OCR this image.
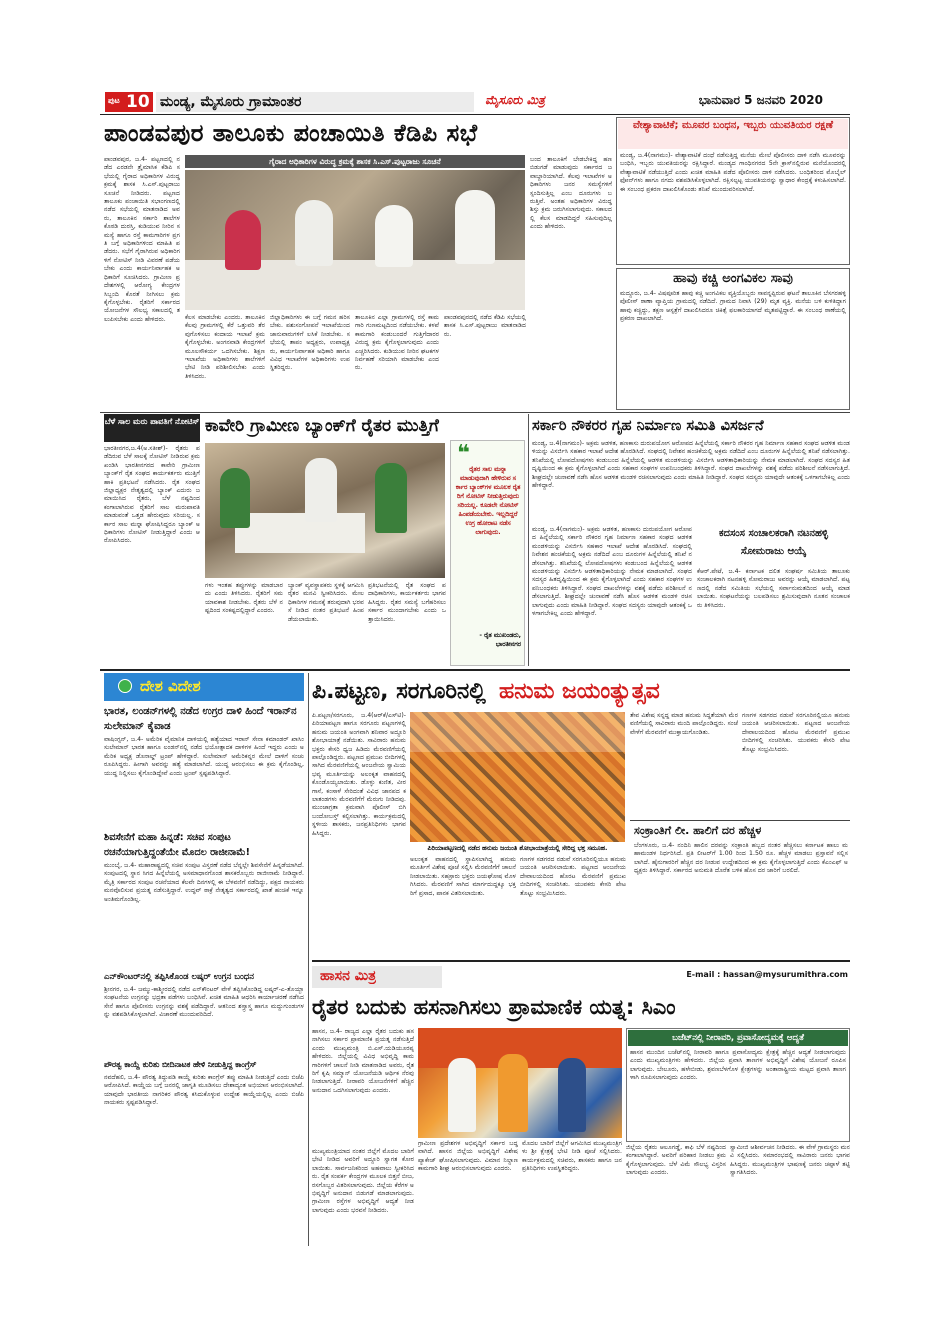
ಪುಟ 10 ಮಂಡ್ಯ, ಮೈಸೂರು ಗ್ರಾಮಾಂತರ	ಮೈಸೂರು ಮಿತ್ರ	ಭಾನುವಾರ 5 ಜನವರಿ 2020
ಪಾಂಡವಪುರ ತಾಲೂಕು ಪಂಚಾಯಿತಿ ಕೆಡಿಪಿ ಸಭೆ
ಗೈರಾದ ಅಧಿಕಾರಿಗಳ ವಿರುದ್ಧ ಕ್ರಮಕ್ಕೆ ಶಾಸಕ ಸಿ.ಎಸ್.ಪುಟ್ಟರಾಜು ಸೂಚನೆ
ಪಾಂಡವಪುರ, ಜ.4- ಪಟ್ಟಣದಲ್ಲಿ ನಡೆದ ಎರಡನೇ ತ್ರೈಮಾಸಿಕ ಕೆಡಿಪಿ ಸಭೆಯಲ್ಲಿ ಗೈರಾದ ಅಧಿಕಾರಿಗಳ ವಿರುದ್ಧ ಕ್ರಮಕ್ಕೆ ಶಾಸಕ ಸಿ.ಎಸ್.ಪುಟ್ಟರಾಜು ಸೂಚನೆ ನೀಡಿದರು. ಪಟ್ಟಣದ ತಾಲೂಕು ಪಂಚಾಯಿತಿ ಸಭಾಂಗಣದಲ್ಲಿ ನಡೆದ ಸಭೆಯಲ್ಲಿ ಮಾತನಾಡಿದ ಅವರು, ತಾಲೂಕಿನ ಸರ್ಕಾರಿ ಶಾಲೆಗಳ ಕೊಠಡಿ ದುರಸ್ತಿ, ಕುಡಿಯುವ ನೀರಿನ ಸಮಸ್ಯೆ ಹಾಗೂ ರಸ್ತೆ ಕಾಮಗಾರಿಗಳ ಪ್ರಗತಿ ಬಗ್ಗೆ ಅಧಿಕಾರಿಗಳಿಂದ ಮಾಹಿತಿ ಪಡೆದರು. ಸಭೆಗೆ ಗೈರಾಗಿರುವ ಅಧಿಕಾರಿಗಳಿಗೆ ನೋಟಿಸ್ ನೀಡಿ ವಿವರಣೆ ಪಡೆಯಬೇಕು ಎಂದು ಕಾರ್ಯನಿರ್ವಾಹಕ ಅಧಿಕಾರಿಗೆ ಸೂಚಿಸಿದರು. ಗ್ರಾಮೀಣ ಪ್ರದೇಶಗಳಲ್ಲಿ ಆರೋಗ್ಯ ಕೇಂದ್ರಗಳ ಸಿಬ್ಬಂದಿ ಕೊರತೆ ನೀಗಿಸಲು ಕ್ರಮ ಕೈಗೊಳ್ಳಬೇಕು. ರೈತರಿಗೆ ಸರ್ಕಾರದ ಯೋಜನೆಗಳ ಸೌಲಭ್ಯ ಸಕಾಲದಲ್ಲಿ ತಲುಪಿಸಬೇಕು ಎಂದು ಹೇಳಿದರು.	ಕೆಲಸ ಮಾಡಬೇಕು ಎಂದರು. ತಾಲೂಕಿನ ಕೆಲವು ಗ್ರಾಮಗಳಲ್ಲಿ ಕೆರೆ ಒತ್ತುವರಿ ತೆರವುಗೊಳಿಸಲು ಕಂದಾಯ ಇಲಾಖೆ ಕ್ರಮ ಕೈಗೊಳ್ಳಬೇಕು. ಅಂಗನವಾಡಿ ಕೇಂದ್ರಗಳಿಗೆ ಮೂಲಸೌಕರ್ಯ ಒದಗಿಸಬೇಕು. ಶಿಕ್ಷಣ ಇಲಾಖೆಯ ಅಧಿಕಾರಿಗಳು ಶಾಲೆಗಳಿಗೆ ಭೇಟಿ ನೀಡಿ ಪರಿಶೀಲಿಸಬೇಕು ಎಂದು ತಿಳಿಸಿದರು.
ಜಿಲ್ಲಾಧಿಕಾರಿಗಳು ಈ ಬಗ್ಗೆ ಗಮನ ಹರಿಸಬೇಕು. ಪಶುಸಂಗೋಪನೆ ಇಲಾಖೆಯಿಂದ ಜಾನುವಾರುಗಳಿಗೆ ಲಸಿಕೆ ನೀಡಬೇಕು. ಸಭೆಯಲ್ಲಿ ತಾಪಂ ಅಧ್ಯಕ್ಷರು, ಉಪಾಧ್ಯಕ್ಷರು, ಕಾರ್ಯನಿರ್ವಾಹಕ ಅಧಿಕಾರಿ ಹಾಗೂ ವಿವಿಧ ಇಲಾಖೆಗಳ ಅಧಿಕಾರಿಗಳು ಉಪಸ್ಥಿತರಿದ್ದರು.
ತಾಲೂಕಿನ ಎಲ್ಲಾ ಗ್ರಾಮಗಳಲ್ಲಿ ರಸ್ತೆ ಕಾಮಗಾರಿ ಗುಣಮಟ್ಟದಿಂದ ನಡೆಯಬೇಕು. ಕಳಪೆ ಕಾಮಗಾರಿ ಕಂಡುಬಂದರೆ ಗುತ್ತಿಗೆದಾರರ ವಿರುದ್ಧ ಕ್ರಮ ಕೈಗೊಳ್ಳಲಾಗುವುದು ಎಂದು ಎಚ್ಚರಿಸಿದರು. ಕುಡಿಯುವ ನೀರಿನ ಘಟಕಗಳ ನಿರ್ವಹಣೆ ಸರಿಯಾಗಿ ಮಾಡಬೇಕು ಎಂದರು.
ಬಂದ ತಾಲೂಕಿಗೆ ಬೇಡಬೇಕಿದ್ದ ಹಣ ಬಿಡುಗಡೆ ಮಾಡುವುದು ಸರ್ಕಾರದ ಜವಾಬ್ದಾರಿಯಾಗಿದೆ. ಕೆಲವು ಇಲಾಖೆಗಳ ಅಧಿಕಾರಿಗಳು ಜನರ ಸಮಸ್ಯೆಗಳಿಗೆ ಸ್ಪಂದಿಸುತ್ತಿಲ್ಲ ಎಂಬ ದೂರುಗಳು ಬರುತ್ತಿವೆ. ಅಂತಹ ಅಧಿಕಾರಿಗಳ ವಿರುದ್ಧ ಶಿಸ್ತು ಕ್ರಮ ಜರುಗಿಸಲಾಗುವುದು. ಸಕಾಲದಲ್ಲಿ ಕೆಲಸ ಮಾಡದಿದ್ದರೆ ಸಹಿಸುವುದಿಲ್ಲ ಎಂದು ಹೇಳಿದರು.
ಪಾಂಡವಪುರದಲ್ಲಿ ನಡೆದ ಕೆಡಿಪಿ ಸಭೆಯಲ್ಲಿ ಶಾಸಕ ಸಿ.ಎಸ್.ಪುಟ್ಟರಾಜು ಮಾತನಾಡಿದರು.
ವೇಶ್ಯಾವಾಟಿಕೆ; ಮೂವರ ಬಂಧನ, ಇಬ್ಬರು ಯುವತಿಯರ ರಕ್ಷಣೆ
ಮಂಡ್ಯ, ಜ.4(ನಾಗಮಂ)- ವೇಶ್ಯಾವಾಟಿಕೆ ದಂಧೆ ನಡೆಸುತ್ತಿದ್ದ ಮನೆಯ ಮೇಲೆ ಪೊಲೀಸರು ದಾಳಿ ನಡೆಸಿ ಮೂವರನ್ನು ಬಂಧಿಸಿ, ಇಬ್ಬರು ಯುವತಿಯರನ್ನು ರಕ್ಷಿಸಿದ್ದಾರೆ. ಮಂಡ್ಯದ ಗಾಂಧಿನಗರದ 5ನೇ ಕ್ರಾಸ್‌ನಲ್ಲಿರುವ ಮನೆಯೊಂದರಲ್ಲಿ ವೇಶ್ಯಾವಾಟಿಕೆ ನಡೆಯುತ್ತಿದೆ ಎಂದು ಖಚಿತ ಮಾಹಿತಿ ಪಡೆದ ಪೊಲೀಸರು ದಾಳಿ ನಡೆಸಿದರು. ಬಂಧಿತರಿಂದ ಮೊಬೈಲ್ ಫೋನ್‌ಗಳು ಹಾಗೂ ನಗದು ವಶಪಡಿಸಿಕೊಳ್ಳಲಾಗಿದೆ. ರಕ್ಷಿಸಲ್ಪಟ್ಟ ಯುವತಿಯರನ್ನು ಸ್ವಾಧಾರ ಕೇಂದ್ರಕ್ಕೆ ಕಳುಹಿಸಲಾಗಿದೆ. ಈ ಸಂಬಂಧ ಪ್ರಕರಣ ದಾಖಲಿಸಿಕೊಂಡು ತನಿಖೆ ಮುಂದುವರಿಸಲಾಗಿದೆ.
ಹಾವು ಕಚ್ಚಿ ಅಂಗವಿಕಲ ಸಾವು
ಮದ್ದೂರು, ಜ.4- ವಿಷಪೂರಿತ ಹಾವು ಕಚ್ಚಿ ಅಂಗವಿಕಲ ವ್ಯಕ್ತಿಯೊಬ್ಬರು ಸಾವನ್ನಪ್ಪಿರುವ ಘಟನೆ ತಾಲೂಕಿನ ಬೆಸಗರಹಳ್ಳಿ ಪೊಲೀಸ್ ಠಾಣಾ ವ್ಯಾಪ್ತಿಯ ಗ್ರಾಮದಲ್ಲಿ ನಡೆದಿದೆ. ಗ್ರಾಮದ ನಿವಾಸಿ (29) ಮೃತ ವ್ಯಕ್ತಿ. ಮನೆಯ ಬಳಿ ಕುಳಿತಿದ್ದಾಗ ಹಾವು ಕಚ್ಚಿದ್ದು, ತಕ್ಷಣ ಆಸ್ಪತ್ರೆಗೆ ದಾಖಲಿಸಿದರೂ ಚಿಕಿತ್ಸೆ ಫಲಕಾರಿಯಾಗದೆ ಮೃತಪಟ್ಟಿದ್ದಾರೆ. ಈ ಸಂಬಂಧ ಠಾಣೆಯಲ್ಲಿ ಪ್ರಕರಣ ದಾಖಲಾಗಿದೆ.
ಬೆಳೆ ಸಾಲ ಮರು ಪಾವತಿಗೆ ನೋಟಿಸ್
ಭಾರತೀನಗರ,ಜ.4(ಅ.ಸತೀಶ್)- ರೈತರು ಪಡೆದಿರುವ ಬೆಳೆ ಸಾಲಕ್ಕೆ ನೋಟಿಸ್ ನೀಡಿರುವ ಕ್ರಮ ಖಂಡಿಸಿ ಭಾರತೀನಗರದ ಕಾವೇರಿ ಗ್ರಾಮೀಣ ಬ್ಯಾಂಕ್‌ಗೆ ರೈತ ಸಂಘದ ಕಾರ್ಯಕರ್ತರು ಮುತ್ತಿಗೆ ಹಾಕಿ ಪ್ರತಿಭಟನೆ ನಡೆಸಿದರು. ರೈತ ಸಂಘದ ಜಿಲ್ಲಾಧ್ಯಕ್ಷರ ನೇತೃತ್ವದಲ್ಲಿ ಬ್ಯಾಂಕ್ ಎದುರು ಜಮಾಯಿಸಿದ ರೈತರು, ಬೆಳೆ ನಷ್ಟದಿಂದ ಕಂಗಾಲಾಗಿರುವ ರೈತರಿಗೆ ಸಾಲ ಮರುಪಾವತಿ ಮಾಡುವಂತೆ ಒತ್ತಡ ಹೇರುವುದು ಸರಿಯಲ್ಲ. ಸರ್ಕಾರ ಸಾಲ ಮನ್ನಾ ಘೋಷಿಸಿದ್ದರೂ ಬ್ಯಾಂಕ್ ಅಧಿಕಾರಿಗಳು ನೋಟಿಸ್ ನೀಡುತ್ತಿದ್ದಾರೆ ಎಂದು ಆರೋಪಿಸಿದರು.
ಕಾವೇರಿ ಗ್ರಾಮೀಣ ಬ್ಯಾಂಕ್‌ಗೆ ರೈತರ ಮುತ್ತಿಗೆ
❝
ರೈತರ ಸಾಲ ಮನ್ನಾ ಮಾಡುವುದಾಗಿ ಹೇಳಿರುವ ಸರ್ಕಾರ ಬ್ಯಾಂಕ್‌ಗಳ ಮೂಲಕ ರೈತರಿಗೆ ನೋಟಿಸ್ ನೀಡುತ್ತಿರುವುದು ಸರಿಯಲ್ಲ. ಕೂಡಲೇ ನೋಟಿಸ್ ಹಿಂಪಡೆಯಬೇಕು. ಇಲ್ಲದಿದ್ದರೆ ಉಗ್ರ ಹೋರಾಟ ನಡೆಸಲಾಗುವುದು.
- ರೈತ ಮುಖಂಡರು, ಭಾರತೀನಗರ
ಗಳು ಇಂತಹ ತಪ್ಪುಗಳನ್ನು ಮಾಡಬಾರದು ಎಂದು ತಿಳಿಸಿದರು. ರೈತರಿಗೆ ಸಮಯಾವಕಾಶ ನೀಡಬೇಕು. ರೈತರು ಬೆಳೆ ನಷ್ಟದಿಂದ ಸಂಕಷ್ಟದಲ್ಲಿದ್ದಾರೆ ಎಂದರು.
ಬ್ಯಾಂಕ್ ವ್ಯವಸ್ಥಾಪಕರು ಸ್ಥಳಕ್ಕೆ ಆಗಮಿಸಿ ರೈತರ ಮನವಿ ಸ್ವೀಕರಿಸಿದರು. ಮೇಲಧಿಕಾರಿಗಳ ಗಮನಕ್ಕೆ ತರುವುದಾಗಿ ಭರವಸೆ ನೀಡಿದ ನಂತರ ಪ್ರತಿಭಟನೆ ಹಿಂಪಡೆಯಲಾಯಿತು.
ಪ್ರತಿಭಟನೆಯಲ್ಲಿ ರೈತ ಸಂಘದ ಪದಾಧಿಕಾರಿಗಳು, ಕಾರ್ಯಕರ್ತರು ಭಾಗವಹಿಸಿದ್ದರು. ರೈತರ ಸಮಸ್ಯೆ ಬಗೆಹರಿಸಲು ಸರ್ಕಾರ ಮುಂದಾಗಬೇಕು ಎಂದು ಒತ್ತಾಯಿಸಿದರು.
ಸರ್ಕಾರಿ ನೌಕರರ ಗೃಹ ನಿರ್ಮಾಣ ಸಮಿತಿ ವಿಸರ್ಜನೆ
ಮಂಡ್ಯ, ಜ.4(ನಾಗಮಂ)- ಅಕ್ರಮ ಆಡಳಿತ, ಹಣಕಾಸು ದುರುಪಯೋಗ ಆರೋಪದ ಹಿನ್ನೆಲೆಯಲ್ಲಿ ಸರ್ಕಾರಿ ನೌಕರರ ಗೃಹ ನಿರ್ಮಾಣ ಸಹಕಾರ ಸಂಘದ ಆಡಳಿತ ಮಂಡಳಿಯನ್ನು ವಿಸರ್ಜಿಸಿ ಸಹಕಾರ ಇಲಾಖೆ ಆದೇಶ ಹೊರಡಿಸಿದೆ. ಸಂಘದಲ್ಲಿ ನಿವೇಶನ ಹಂಚಿಕೆಯಲ್ಲಿ ಅಕ್ರಮ ನಡೆದಿದೆ ಎಂಬ ದೂರುಗಳ ಹಿನ್ನೆಲೆಯಲ್ಲಿ ತನಿಖೆ ನಡೆಸಲಾಗಿತ್ತು. ತನಿಖೆಯಲ್ಲಿ ಲೋಪದೋಷಗಳು ಕಂಡುಬಂದ ಹಿನ್ನೆಲೆಯಲ್ಲಿ ಆಡಳಿತ ಮಂಡಳಿಯನ್ನು ವಿಸರ್ಜಿಸಿ ಆಡಳಿತಾಧಿಕಾರಿಯನ್ನು ನೇಮಕ ಮಾಡಲಾಗಿದೆ. ಸಂಘದ ಸದಸ್ಯರ ಹಿತದೃಷ್ಟಿಯಿಂದ ಈ ಕ್ರಮ ಕೈಗೊಳ್ಳಲಾಗಿದೆ ಎಂದು ಸಹಕಾರ ಸಂಘಗಳ ಉಪನಿಬಂಧಕರು ತಿಳಿಸಿದ್ದಾರೆ. ಸಂಘದ ದಾಖಲೆಗಳನ್ನು ವಶಕ್ಕೆ ಪಡೆದು ಪರಿಶೀಲನೆ ನಡೆಸಲಾಗುತ್ತಿದೆ. ಶೀಘ್ರದಲ್ಲೇ ಚುನಾವಣೆ ನಡೆಸಿ ಹೊಸ ಆಡಳಿತ ಮಂಡಳಿ ರಚಿಸಲಾಗುವುದು ಎಂದು ಮಾಹಿತಿ ನೀಡಿದ್ದಾರೆ. ಸಂಘದ ಸದಸ್ಯರು ಯಾವುದೇ ಆತಂಕಕ್ಕೆ ಒಳಗಾಗಬೇಕಿಲ್ಲ ಎಂದು ಹೇಳಿದ್ದಾರೆ.
ಮಂಡ್ಯ, ಜ.4(ನಾಗಮಂ)- ಅಕ್ರಮ ಆಡಳಿತ, ಹಣಕಾಸು ದುರುಪಯೋಗ ಆರೋಪದ ಹಿನ್ನೆಲೆಯಲ್ಲಿ ಸರ್ಕಾರಿ ನೌಕರರ ಗೃಹ ನಿರ್ಮಾಣ ಸಹಕಾರ ಸಂಘದ ಆಡಳಿತ ಮಂಡಳಿಯನ್ನು ವಿಸರ್ಜಿಸಿ ಸಹಕಾರ ಇಲಾಖೆ ಆದೇಶ ಹೊರಡಿಸಿದೆ. ಸಂಘದಲ್ಲಿ ನಿವೇಶನ ಹಂಚಿಕೆಯಲ್ಲಿ ಅಕ್ರಮ ನಡೆದಿದೆ ಎಂಬ ದೂರುಗಳ ಹಿನ್ನೆಲೆಯಲ್ಲಿ ತನಿಖೆ ನಡೆಸಲಾಗಿತ್ತು. ತನಿಖೆಯಲ್ಲಿ ಲೋಪದೋಷಗಳು ಕಂಡುಬಂದ ಹಿನ್ನೆಲೆಯಲ್ಲಿ ಆಡಳಿತ ಮಂಡಳಿಯನ್ನು ವಿಸರ್ಜಿಸಿ ಆಡಳಿತಾಧಿಕಾರಿಯನ್ನು ನೇಮಕ ಮಾಡಲಾಗಿದೆ. ಸಂಘದ ಸದಸ್ಯರ ಹಿತದೃಷ್ಟಿಯಿಂದ ಈ ಕ್ರಮ ಕೈಗೊಳ್ಳಲಾಗಿದೆ ಎಂದು ಸಹಕಾರ ಸಂಘಗಳ ಉಪನಿಬಂಧಕರು ತಿಳಿಸಿದ್ದಾರೆ. ಸಂಘದ ದಾಖಲೆಗಳನ್ನು ವಶಕ್ಕೆ ಪಡೆದು ಪರಿಶೀಲನೆ ನಡೆಸಲಾಗುತ್ತಿದೆ. ಶೀಘ್ರದಲ್ಲೇ ಚುನಾವಣೆ ನಡೆಸಿ ಹೊಸ ಆಡಳಿತ ಮಂಡಳಿ ರಚಿಸಲಾಗುವುದು ಎಂದು ಮಾಹಿತಿ ನೀಡಿದ್ದಾರೆ. ಸಂಘದ ಸದಸ್ಯರು ಯಾವುದೇ ಆತಂಕಕ್ಕೆ ಒಳಗಾಗಬೇಕಿಲ್ಲ ಎಂದು ಹೇಳಿದ್ದಾರೆ.
ಕದಸಂಸ ಸಂಚಾಲಕರಾಗಿ ನಟನಹಳ್ಳಿ ಸೋಮರಾಜು ಆಯ್ಕೆ
ಕೆಆರ್.ಪೇಟೆ, ಜ.4- ಕರ್ನಾಟಕ ದಲಿತ ಸಂಘರ್ಷ ಸಮಿತಿಯ ತಾಲೂಕು ಸಂಚಾಲಕರಾಗಿ ನಟನಹಳ್ಳಿ ಸೋಮರಾಜು ಅವರನ್ನು ಆಯ್ಕೆ ಮಾಡಲಾಗಿದೆ. ಪಟ್ಟಣದಲ್ಲಿ ನಡೆದ ಸಮಿತಿಯ ಸಭೆಯಲ್ಲಿ ಸರ್ವಾನುಮತದಿಂದ ಆಯ್ಕೆ ಮಾಡಲಾಯಿತು. ಸಂಘಟನೆಯನ್ನು ಬಲಪಡಿಸಲು ಶ್ರಮಿಸುವುದಾಗಿ ನೂತನ ಸಂಚಾಲಕರು ತಿಳಿಸಿದರು.
ದೇಶ ವಿದೇಶ
ಭಾರತ, ಲಂಡನ್‌ಗಳಲ್ಲಿ ನಡೆದ ಉಗ್ರರ ದಾಳಿ ಹಿಂದೆ ಇರಾನ್‌ನ ಸುಲೇಮಾನ್ ಕೈವಾಡ
ವಾಷಿಂಗ್ಟನ್, ಜ.4- ಅಮೆರಿಕ ವೈಮಾನಿಕ ದಾಳಿಯಲ್ಲಿ ಹತ್ಯೆಯಾದ ಇರಾನ್ ಸೇನಾ ಕಮಾಂಡರ್ ಖಾಸಿಂ ಸುಲೇಮಾನ್ ಭಾರತ ಹಾಗೂ ಲಂಡನ್‌ನಲ್ಲಿ ನಡೆದ ಭಯೋತ್ಪಾದಕ ದಾಳಿಗಳ ಹಿಂದೆ ಇದ್ದರು ಎಂದು ಅಮೆರಿಕ ಅಧ್ಯಕ್ಷ ಡೊನಾಲ್ಡ್ ಟ್ರಂಪ್ ಹೇಳಿದ್ದಾರೆ. ಸುಲೇಮಾನ್ ಅಮೆರಿಕನ್ನರ ಮೇಲೆ ದಾಳಿಗೆ ಸಂಚು ರೂಪಿಸಿದ್ದರು. ಹೀಗಾಗಿ ಅವರನ್ನು ಹತ್ಯೆ ಮಾಡಲಾಗಿದೆ. ಯುದ್ಧ ಆರಂಭಿಸಲು ಈ ಕ್ರಮ ಕೈಗೊಂಡಿಲ್ಲ, ಯುದ್ಧ ನಿಲ್ಲಿಸಲು ಕೈಗೊಂಡಿದ್ದೇವೆ ಎಂದು ಟ್ರಂಪ್ ಸ್ಪಷ್ಟಪಡಿಸಿದ್ದಾರೆ.
ಶಿವಸೇನೆಗೆ ಮಹಾ ಹಿನ್ನಡೆ: ಸಚಿವ ಸಂಪುಟ ರಚನೆಯಾಗುತ್ತಿದ್ದಂತೆಯೇ ಮೊದಲ ರಾಜೀನಾಮೆ!
ಮುಂಬೈ, ಜ.4- ಮಹಾರಾಷ್ಟ್ರದಲ್ಲಿ ಸಚಿವ ಸಂಪುಟ ವಿಸ್ತರಣೆ ನಡೆದ ಬೆನ್ನಲ್ಲೇ ಶಿವಸೇನೆಗೆ ಹಿನ್ನಡೆಯಾಗಿದೆ. ಸಂಪುಟದಲ್ಲಿ ಸ್ಥಾನ ಸಿಗದ ಹಿನ್ನೆಲೆಯಲ್ಲಿ ಅಸಮಾಧಾನಗೊಂಡ ಶಾಸಕರೊಬ್ಬರು ರಾಜೀನಾಮೆ ನೀಡಿದ್ದಾರೆ. ಮೈತ್ರಿ ಸರ್ಕಾರದ ಸಂಪುಟ ರಚನೆಯಾದ ಕೆಲವೇ ದಿನಗಳಲ್ಲಿ ಈ ಬೆಳವಣಿಗೆ ನಡೆದಿದ್ದು, ಪಕ್ಷದ ನಾಯಕರು ಮನವೊಲಿಸುವ ಪ್ರಯತ್ನ ನಡೆಸುತ್ತಿದ್ದಾರೆ. ಉದ್ಧವ್ ಠಾಕ್ರೆ ನೇತೃತ್ವದ ಸರ್ಕಾರದಲ್ಲಿ ಖಾತೆ ಹಂಚಿಕೆ ಇನ್ನೂ ಅಂತಿಮಗೊಂಡಿಲ್ಲ.
ಎನ್‌ಕೌಂಟರ್‌ನಲ್ಲಿ ತಪ್ಪಿಸಿಕೊಂಡ ಲಷ್ಕರ್ ಉಗ್ರನ ಬಂಧನ
ಶ್ರೀನಗರ, ಜ.4- ಜಮ್ಮು-ಕಾಶ್ಮೀರದಲ್ಲಿ ನಡೆದ ಎನ್‌ಕೌಂಟರ್ ವೇಳೆ ತಪ್ಪಿಸಿಕೊಂಡಿದ್ದ ಲಷ್ಕರ್-ಎ-ತೊಯ್ಬಾ ಸಂಘಟನೆಯ ಉಗ್ರನನ್ನು ಭದ್ರತಾ ಪಡೆಗಳು ಬಂಧಿಸಿವೆ. ಖಚಿತ ಮಾಹಿತಿ ಆಧರಿಸಿ ಕಾರ್ಯಾಚರಣೆ ನಡೆಸಿದ ಸೇನೆ ಹಾಗೂ ಪೊಲೀಸರು ಉಗ್ರನನ್ನು ವಶಕ್ಕೆ ಪಡೆದಿದ್ದಾರೆ. ಆತನಿಂದ ಶಸ್ತ್ರಾಸ್ತ್ರ ಹಾಗೂ ಮದ್ದುಗುಂಡುಗಳನ್ನು ವಶಪಡಿಸಿಕೊಳ್ಳಲಾಗಿದೆ. ವಿಚಾರಣೆ ಮುಂದುವರಿದಿದೆ.
ಪೌರತ್ವ ಕಾಯ್ದೆ ಕುರಿತು ಬೀದಿನಾಟಕ ಹೇಳಿ ನೀಡುತ್ತಿದ್ದ ಕಾಂಗ್ರೆಸ್
ನವದೆಹಲಿ, ಜ.4- ಪೌರತ್ವ ತಿದ್ದುಪಡಿ ಕಾಯ್ದೆ ಕುರಿತು ಕಾಂಗ್ರೆಸ್ ತಪ್ಪು ಮಾಹಿತಿ ನೀಡುತ್ತಿದೆ ಎಂದು ಬಿಜೆಪಿ ಆರೋಪಿಸಿದೆ. ಕಾಯ್ದೆಯ ಬಗ್ಗೆ ಜನರಲ್ಲಿ ಜಾಗೃತಿ ಮೂಡಿಸಲು ದೇಶಾದ್ಯಂತ ಅಭಿಯಾನ ಆರಂಭಿಸಲಾಗಿದೆ. ಯಾವುದೇ ಭಾರತೀಯ ನಾಗರಿಕರ ಪೌರತ್ವ ಕಸಿದುಕೊಳ್ಳುವ ಉದ್ದೇಶ ಕಾಯ್ದೆಯಲ್ಲಿಲ್ಲ ಎಂದು ಬಿಜೆಪಿ ನಾಯಕರು ಸ್ಪಷ್ಟಪಡಿಸಿದ್ದಾರೆ.
ಪಿ.ಪಟ್ಟಣ, ಸರಗೂರಿನಲ್ಲಿ ಹನುಮ ಜಯಂತ್ಯುತ್ಸವ
ಪಿ.ಪಟ್ಟಣ/ಸರಗೂರು, ಜ.4(ಆರ್‌ಕೆ/ಎಸ್‌ಟಿ)- ಪಿರಿಯಾಪಟ್ಟಣ ಹಾಗೂ ಸರಗೂರು ಪಟ್ಟಣಗಳಲ್ಲಿ ಹನುಮ ಜಯಂತಿ ಅಂಗವಾಗಿ ಶನಿವಾರ ಅದ್ದೂರಿ ಶೋಭಾಯಾತ್ರೆ ನಡೆಯಿತು. ಸಾವಿರಾರು ಹನುಮ ಭಕ್ತರು ಕೇಸರಿ ಧ್ವಜ ಹಿಡಿದು ಮೆರವಣಿಗೆಯಲ್ಲಿ ಪಾಲ್ಗೊಂಡಿದ್ದರು. ಪಟ್ಟಣದ ಪ್ರಮುಖ ಬೀದಿಗಳಲ್ಲಿ ಸಾಗಿದ ಮೆರವಣಿಗೆಯಲ್ಲಿ ಆಂಜನೇಯ ಸ್ವಾಮಿಯ ಭವ್ಯ ಮೂರ್ತಿಯನ್ನು ಅಲಂಕೃತ ವಾಹನದಲ್ಲಿ ಕೊಂಡೊಯ್ಯಲಾಯಿತು. ಡೊಳ್ಳು ಕುಣಿತ, ವೀರಗಾಸೆ, ಕಂಸಾಳೆ ಸೇರಿದಂತೆ ವಿವಿಧ ಜಾನಪದ ಕಲಾತಂಡಗಳು ಮೆರವಣಿಗೆಗೆ ಮೆರುಗು ನೀಡಿದವು. ಮುಂಜಾಗ್ರತಾ ಕ್ರಮವಾಗಿ ಪೊಲೀಸ್ ಬಿಗಿ ಬಂದೋಬಸ್ತ್ ಕಲ್ಪಿಸಲಾಗಿತ್ತು. ಕಾರ್ಯಕ್ರಮದಲ್ಲಿ ಸ್ಥಳೀಯ ಶಾಸಕರು, ಜನಪ್ರತಿನಿಧಿಗಳು ಭಾಗವಹಿಸಿದ್ದರು.
ಪಿರಿಯಾಪಟ್ಟಣದಲ್ಲಿ ನಡೆದ ಹನುಮ ಜಯಂತಿ ಶೋಭಾಯಾತ್ರೆಯಲ್ಲಿ ಸೇರಿದ್ದ ಭಕ್ತ ಸಮೂಹ.
ಅಲಂಕೃತ ವಾಹನದಲ್ಲಿ ಸ್ಥಾಪಿಸಲಾಗಿದ್ದ ಹನುಮ ಮೂರ್ತಿಗೆ ವಿಶೇಷ ಪೂಜೆ ಸಲ್ಲಿಸಿ ಮೆರವಣಿಗೆಗೆ ಚಾಲನೆ ನೀಡಲಾಯಿತು. ಸಹಸ್ರಾರು ಭಕ್ತರು ಜಯಘೋಷ ಮೊಳಗಿಸಿದರು. ಮೆರವಣಿಗೆ ಸಾಗಿದ ಮಾರ್ಗದುದ್ದಕ್ಕೂ ಭಕ್ತರಿಗೆ ಪ್ರಸಾದ, ಪಾನಕ ವಿತರಿಸಲಾಯಿತು.
ಗಣಗಳ ಸಡಗರದ ನಡುವೆ ಸರಗೂರಿನಲ್ಲಿಯೂ ಹನುಮ ಜಯಂತಿ ಆಚರಿಸಲಾಯಿತು. ಪಟ್ಟಣದ ಆಂಜನೇಯ ದೇವಾಲಯದಿಂದ ಹೊರಟ ಮೆರವಣಿಗೆ ಪ್ರಮುಖ ಬೀದಿಗಳಲ್ಲಿ ಸಂಚರಿಸಿತು. ಯುವಕರು ಕೇಸರಿ ಪೇಟ ತೊಟ್ಟು ಸಂಭ್ರಮಿಸಿದರು.
ತೇವ ವಿಶೇಷ ಸನ್ನದ್ದ ಮಾಡ ಹನುಮ ಸಿದ್ಧತೆಯಾಗಿ ಮೆರವಣಿಗೆಯಲ್ಲಿ ಸಾವಿರಾರು ಮಂದಿ ಪಾಲ್ಗೊಂಡಿದ್ದರು. ಸಂಜೆ ವೇಳೆಗೆ ಮೆರವಣಿಗೆ ಮುಕ್ತಾಯಗೊಂಡಿತು.
ಗಣಗಳ ಸಡಗರದ ನಡುವೆ ಸರಗೂರಿನಲ್ಲಿಯೂ ಹನುಮ ಜಯಂತಿ ಆಚರಿಸಲಾಯಿತು. ಪಟ್ಟಣದ ಆಂಜನೇಯ ದೇವಾಲಯದಿಂದ ಹೊರಟ ಮೆರವಣಿಗೆ ಪ್ರಮುಖ ಬೀದಿಗಳಲ್ಲಿ ಸಂಚರಿಸಿತು. ಯುವಕರು ಕೇಸರಿ ಪೇಟ ತೊಟ್ಟು ಸಂಭ್ರಮಿಸಿದರು.
ಸಂಕ್ರಾಂತಿಗೆ ಲೀ. ಹಾಲಿಗೆ ದರ ಹೆಚ್ಚಳ
ಬೆಂಗಳೂರು, ಜ.4- ನಂದಿನಿ ಹಾಲಿನ ದರವನ್ನು ಸಂಕ್ರಾಂತಿ ಹಬ್ಬದ ನಂತರ ಹೆಚ್ಚಿಸಲು ಕರ್ನಾಟಕ ಹಾಲು ಮಹಾಮಂಡಳ ನಿರ್ಧರಿಸಿದೆ. ಪ್ರತಿ ಲೀಟರ್‌ಗೆ 1.00 ರಿಂದ 1.50 ರೂ. ಹೆಚ್ಚಳ ಮಾಡಲು ಪ್ರಸ್ತಾವನೆ ಸಲ್ಲಿಸಲಾಗಿದೆ. ಹೈನುಗಾರರಿಗೆ ಹೆಚ್ಚಿನ ದರ ನೀಡುವ ಉದ್ದೇಶದಿಂದ ಈ ಕ್ರಮ ಕೈಗೊಳ್ಳಲಾಗುತ್ತಿದೆ ಎಂದು ಕೆಎಂಎಫ್ ಅಧ್ಯಕ್ಷರು ತಿಳಿಸಿದ್ದಾರೆ. ಸರ್ಕಾರದ ಅನುಮತಿ ದೊರೆತ ಬಳಿಕ ಹೊಸ ದರ ಜಾರಿಗೆ ಬರಲಿದೆ.
ಹಾಸನ ಮಿತ್ರ	E-mail : hassan@mysurumithra.com
ರೈತರ ಬದುಕು ಹಸನಾಗಿಸಲು ಪ್ರಾಮಾಣಿಕ ಯತ್ನ: ಸಿಎಂ
ಹಾಸನ, ಜ.4- ರಾಜ್ಯದ ಎಲ್ಲಾ ರೈತರ ಬದುಕು ಹಸನಾಗಿಸಲು ಸರ್ಕಾರ ಪ್ರಾಮಾಣಿಕ ಪ್ರಯತ್ನ ನಡೆಸುತ್ತಿದೆ ಎಂದು ಮುಖ್ಯಮಂತ್ರಿ ಬಿ.ಎಸ್.ಯಡಿಯೂರಪ್ಪ ಹೇಳಿದರು. ಜಿಲ್ಲೆಯಲ್ಲಿ ವಿವಿಧ ಅಭಿವೃದ್ಧಿ ಕಾಮಗಾರಿಗಳಿಗೆ ಚಾಲನೆ ನೀಡಿ ಮಾತನಾಡಿದ ಅವರು, ರೈತರಿಗೆ ಕೃಷಿ ಸಮ್ಮಾನ್ ಯೋಜನೆಯಡಿ ಆರ್ಥಿಕ ನೆರವು ನೀಡಲಾಗುತ್ತಿದೆ. ನೀರಾವರಿ ಯೋಜನೆಗಳಿಗೆ ಹೆಚ್ಚಿನ ಅನುದಾನ ಒದಗಿಸಲಾಗುವುದು ಎಂದರು.
ಮುಖ್ಯಮಂತ್ರಿಯಾದ ನಂತರ ಜಿಲ್ಲೆಗೆ ಮೊದಲ ಬಾರಿಗೆ ಭೇಟಿ ನೀಡಿದ ಅವರಿಗೆ ಅದ್ದೂರಿ ಸ್ವಾಗತ ಕೋರಲಾಯಿತು. ಸಾರ್ವಜನಿಕರಿಂದ ಅಹವಾಲು ಸ್ವೀಕರಿಸಿದರು. ರೈತ ಸಂಪರ್ಕ ಕೇಂದ್ರಗಳ ಮೂಲಕ ಬಿತ್ತನೆ ಬೀಜ, ರಸಗೊಬ್ಬರ ವಿತರಿಸಲಾಗುವುದು. ಜಿಲ್ಲೆಯ ಕೆರೆಗಳ ಅಭಿವೃದ್ಧಿಗೆ ಅನುದಾನ ಬಿಡುಗಡೆ ಮಾಡಲಾಗುವುದು. ಗ್ರಾಮೀಣ ರಸ್ತೆಗಳ ಅಭಿವೃದ್ಧಿಗೆ ಆದ್ಯತೆ ನೀಡಲಾಗುವುದು ಎಂದು ಭರವಸೆ ನೀಡಿದರು.
ಗ್ರಾಮೀಣ ಪ್ರದೇಶಗಳ ಅಭಿವೃದ್ಧಿಗೆ ಸರ್ಕಾರ ಬದ್ಧವಾಗಿದೆ. ಹಾಸನ ಜಿಲ್ಲೆಯ ಅಭಿವೃದ್ಧಿಗೆ ವಿಶೇಷ ಪ್ಯಾಕೇಜ್ ಘೋಷಿಸಲಾಗುವುದು. ವಿಮಾನ ನಿಲ್ದಾಣ ಕಾಮಗಾರಿ ಶೀಘ್ರ ಆರಂಭಿಸಲಾಗುವುದು ಎಂದರು.
ಮೊದಲ ಬಾರಿಗೆ ಜಿಲ್ಲೆಗೆ ಆಗಮಿಸಿದ ಮುಖ್ಯಮಂತ್ರಿಗಳು ಶ್ರೀ ಕ್ಷೇತ್ರಕ್ಕೆ ಭೇಟಿ ನೀಡಿ ಪೂಜೆ ಸಲ್ಲಿಸಿದರು. ಕಾರ್ಯಕ್ರಮದಲ್ಲಿ ಸಚಿವರು, ಶಾಸಕರು ಹಾಗೂ ಜನಪ್ರತಿನಿಧಿಗಳು ಉಪಸ್ಥಿತರಿದ್ದರು.
ಜಿಲ್ಲೆಯ ರೈತರು ಆಲೂಗಡ್ಡೆ, ಕಾಫಿ ಬೆಳೆ ನಷ್ಟದಿಂದ ಕಂಗಾಲಾಗಿದ್ದಾರೆ. ಅವರಿಗೆ ಪರಿಹಾರ ನೀಡಲು ಕ್ರಮ ಕೈಗೊಳ್ಳಲಾಗುವುದು. ಬೆಳೆ ವಿಮೆ ಸೌಲಭ್ಯ ವಿಸ್ತರಿಸಲಾಗುವುದು ಎಂದರು.
ಬಜೆಟ್‌ನಲ್ಲಿ ನೀರಾವರಿ, ಪ್ರವಾಸೋದ್ಯಮಕ್ಕೆ ಆದ್ಯತೆ
ಹಾಸನ ಮುಂದಿನ ಬಜೆಟ್‌ನಲ್ಲಿ ನೀರಾವರಿ ಹಾಗೂ ಪ್ರವಾಸೋದ್ಯಮ ಕ್ಷೇತ್ರಕ್ಕೆ ಹೆಚ್ಚಿನ ಆದ್ಯತೆ ನೀಡಲಾಗುವುದು ಎಂದು ಮುಖ್ಯಮಂತ್ರಿಗಳು ಹೇಳಿದರು. ಜಿಲ್ಲೆಯ ಪ್ರವಾಸಿ ತಾಣಗಳ ಅಭಿವೃದ್ಧಿಗೆ ವಿಶೇಷ ಯೋಜನೆ ರೂಪಿಸಲಾಗುವುದು. ಬೇಲೂರು, ಹಳೇಬೀಡು, ಶ್ರವಣಬೆಳಗೊಳ ಕ್ಷೇತ್ರಗಳನ್ನು ಅಂತಾರಾಷ್ಟ್ರೀಯ ಮಟ್ಟದ ಪ್ರವಾಸಿ ತಾಣಗಳಾಗಿ ರೂಪಿಸಲಾಗುವುದು ಎಂದರು.
ಸ್ವಾಮೀಜಿ ಆಶೀರ್ವಚನ ನೀಡಿದರು. ಈ ವೇಳೆ ಗ್ರಾಮಸ್ಥರು ಮನವಿ ಸಲ್ಲಿಸಿದರು. ಸಮಾರಂಭದಲ್ಲಿ ಸಾವಿರಾರು ಜನರು ಭಾಗವಹಿಸಿದ್ದರು. ಮುಖ್ಯಮಂತ್ರಿಗಳ ಭಾಷಣಕ್ಕೆ ಜನರು ಚಪ್ಪಾಳೆ ತಟ್ಟಿ ಸ್ವಾಗತಿಸಿದರು.
